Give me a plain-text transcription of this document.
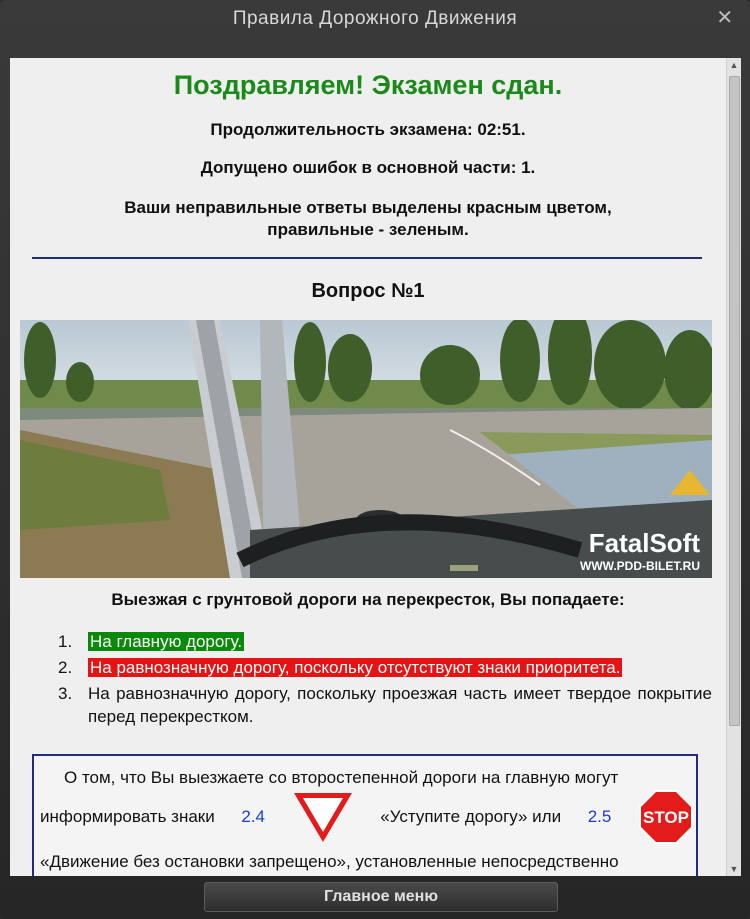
Правила Дорожного Движения	✕
Поздравляем! Экзамен сдан.
Продолжительность экзамена: 02:51.
Допущено ошибок в основной части: 1.
Ваши неправильные ответы выделены красным цветом,
правильные - зеленым.
Вопрос №1
FatalSoft
WWW.PDD-BILET.RU
Выезжая с грунтовой дороги на перекресток, Вы попадаете:
1. На главную дорогу.
2. На равнозначную дорогу, поскольку отсутствуют знаки приоритета.
3. На равнозначную дорогу, поскольку проезжая часть имеет твердое покрытие перед перекрестком.
О том, что Вы выезжаете со второстепенной дороги на главную могут
информировать знаки 2.4	«Уступите дорогу» или 2.5 STOP
«Движение без остановки запрещено», установленные непосредственно
▲
▼
Главное меню
